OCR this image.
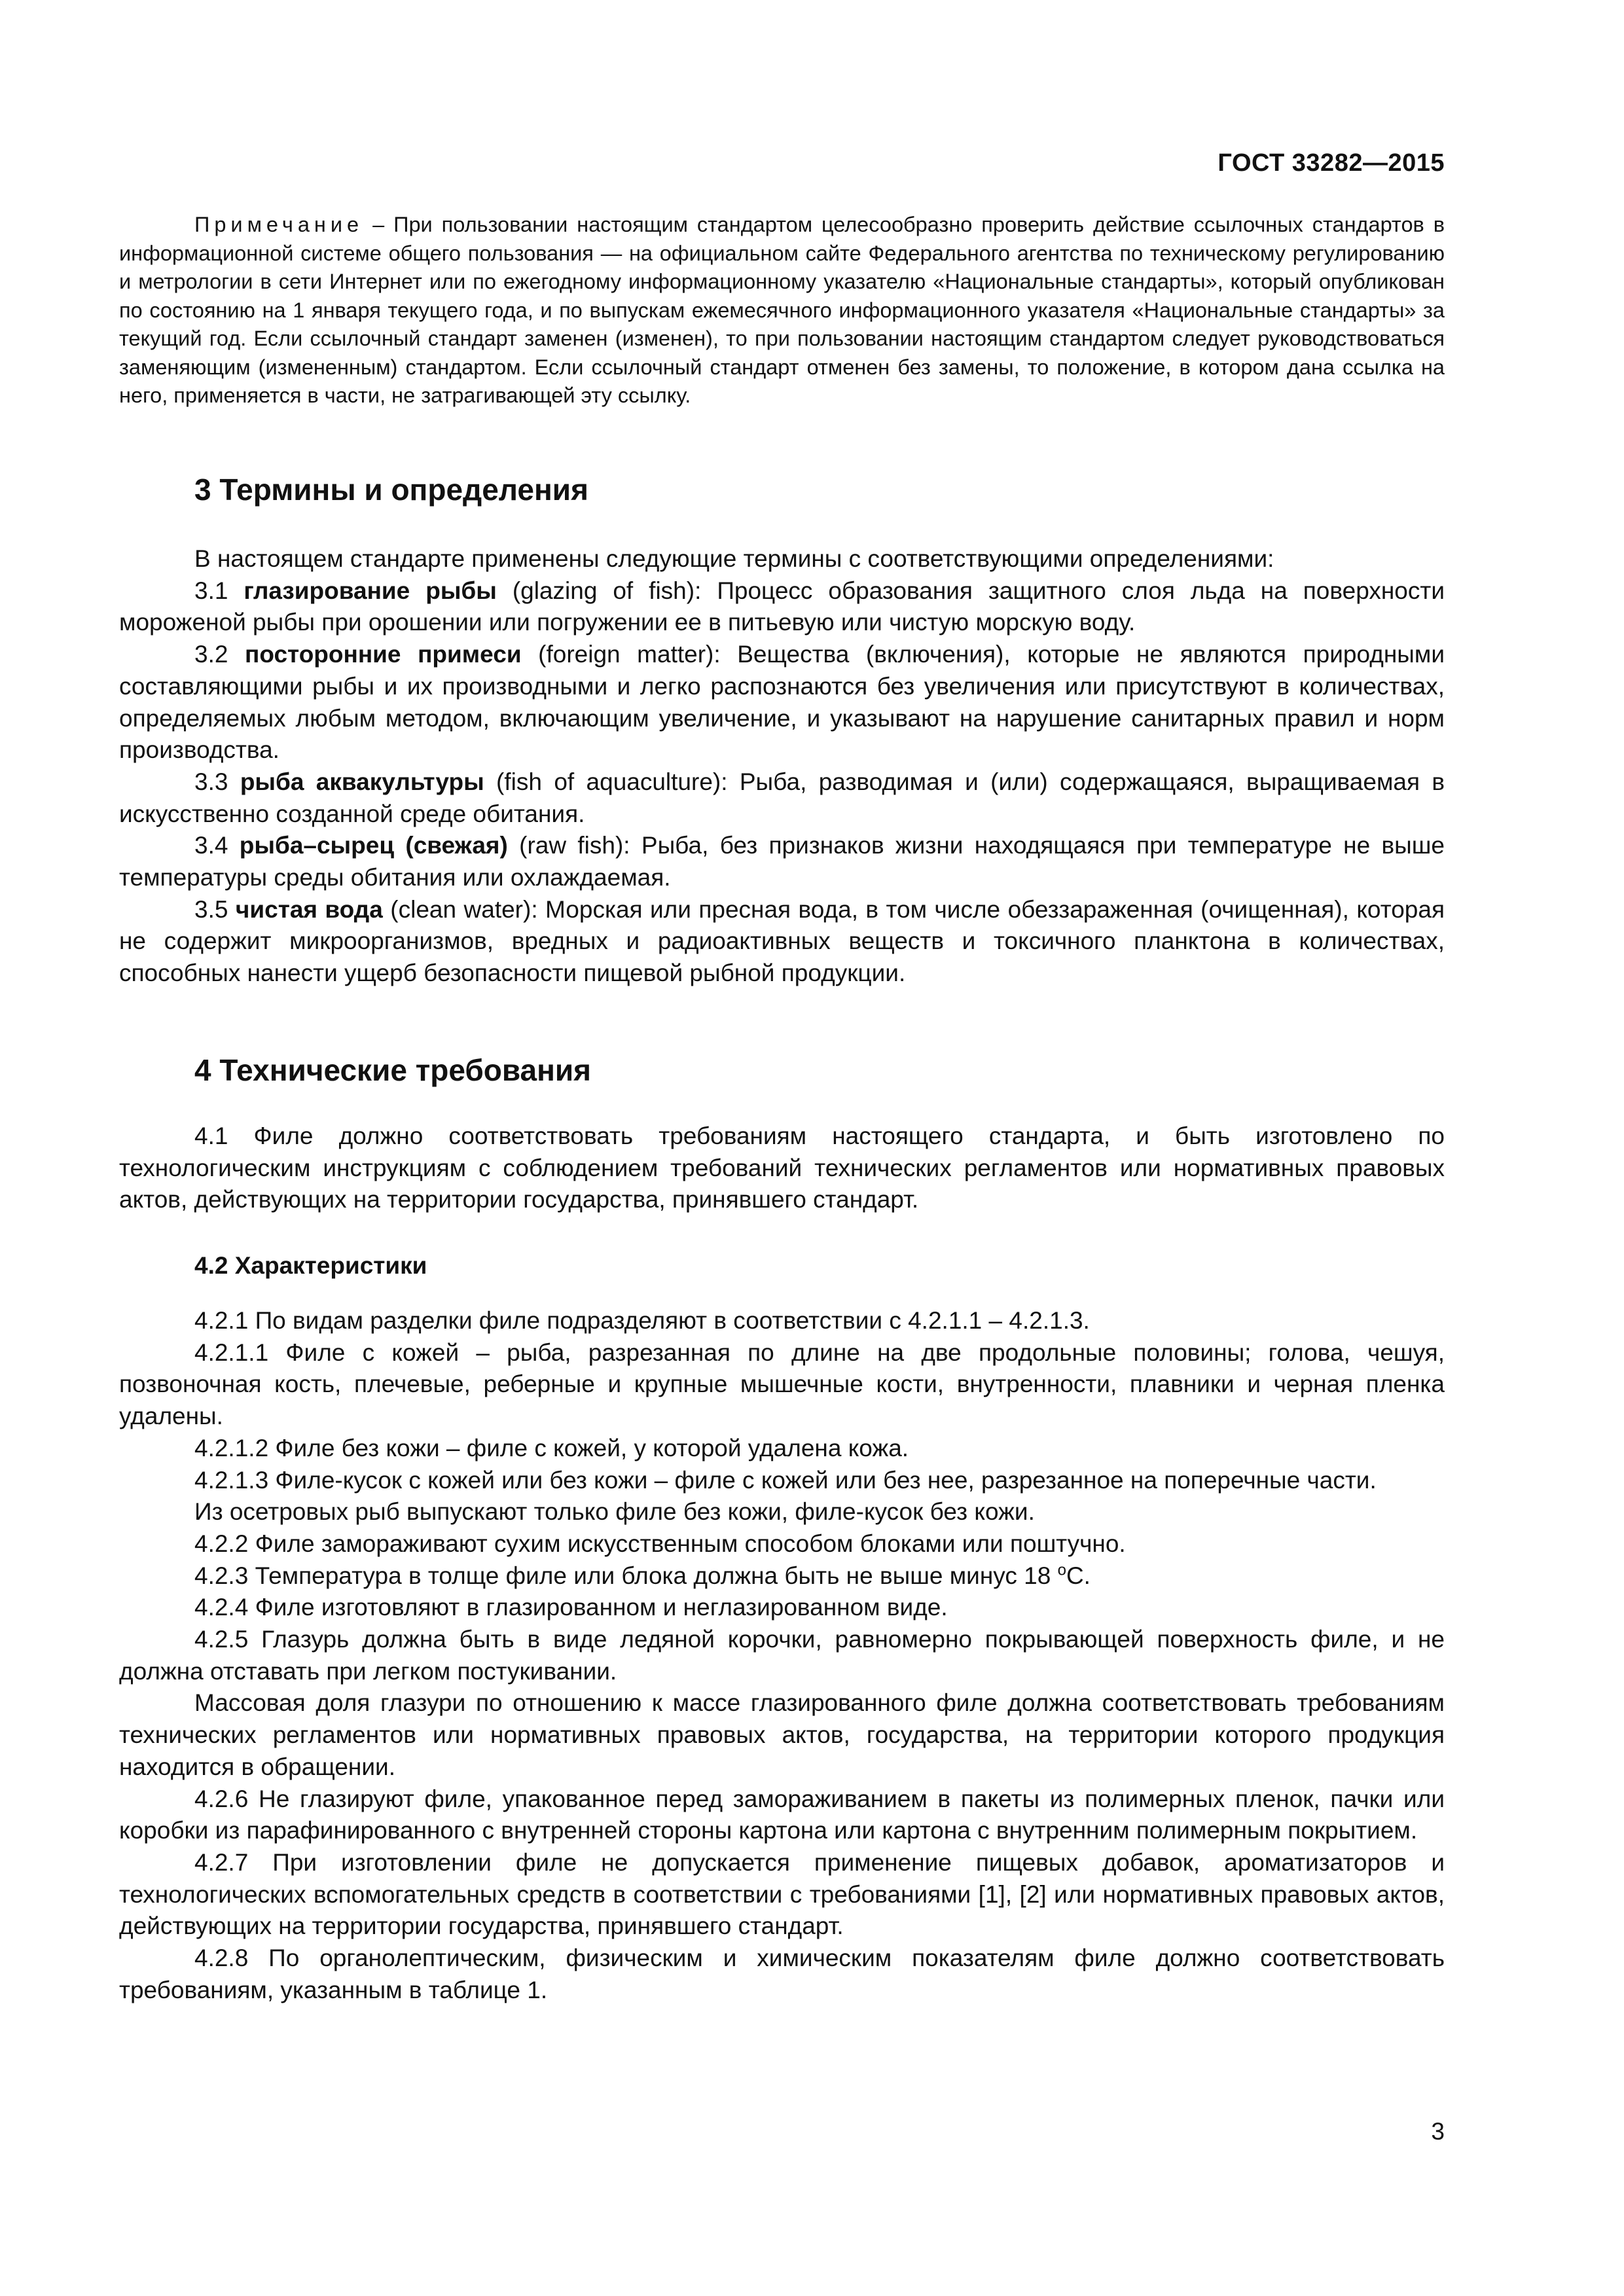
ГОСТ 33282—2015

Примечание – При пользовании настоящим стандартом целесообразно проверить действие ссылочных стандартов в информационной системе общего пользования — на официальном сайте Федерального агентства по техническому регулированию и метрологии в сети Интернет или по ежегодному информационному указателю «Национальные стандарты», который опубликован по состоянию на 1 января текущего года, и по выпускам ежемесячного информационного указателя «Национальные стандарты» за текущий год. Если ссылочный стандарт заменен (изменен), то при пользовании настоящим стандартом следует руководствоваться заменяющим (измененным) стандартом. Если ссылочный стандарт отменен без замены, то положение, в котором дана ссылка на него, применяется в части, не затрагивающей эту ссылку.

3 Термины и определения

В настоящем стандарте применены следующие термины с соответствующими определениями:

3.1 глазирование рыбы (glazing of fish): Процесс образования защитного слоя льда на поверхности мороженой рыбы при орошении или погружении ее в питьевую или чистую морскую воду.

3.2 посторонние примеси (foreign matter): Вещества (включения), которые не являются природными составляющими рыбы и их производными и легко распознаются без увеличения или присутствуют в количествах, определяемых любым методом, включающим увеличение, и указывают на нарушение санитарных правил и норм производства.

3.3 рыба аквакультуры (fish of aquaculture): Рыба, разводимая и (или) содержащаяся, выращиваемая в искусственно созданной среде обитания.

3.4 рыба–сырец (свежая) (raw fish): Рыба, без признаков жизни находящаяся при температуре не выше температуры среды обитания или охлаждаемая.

3.5 чистая вода (clean water): Морская или пресная вода, в том числе обеззараженная (очищенная), которая не содержит микроорганизмов, вредных и радиоактивных веществ и токсичного планктона в количествах, способных нанести ущерб безопасности пищевой рыбной продукции.

4 Технические требования

4.1 Филе должно соответствовать требованиям настоящего стандарта, и быть изготовлено по технологическим инструкциям с соблюдением требований технических регламентов или нормативных правовых актов, действующих на территории государства, принявшего стандарт.

4.2 Характеристики

4.2.1 По видам разделки филе подразделяют в соответствии с 4.2.1.1 – 4.2.1.3.

4.2.1.1 Филе с кожей – рыба, разрезанная по длине на две продольные половины; голова, чешуя, позвоночная кость, плечевые, реберные и крупные мышечные кости, внутренности, плавники и черная пленка удалены.

4.2.1.2 Филе без кожи – филе с кожей, у которой удалена кожа.

4.2.1.3 Филе-кусок с кожей или без кожи – филе с кожей или без нее, разрезанное на поперечные части.

Из осетровых рыб выпускают только филе без кожи, филе-кусок без кожи.

4.2.2 Филе замораживают сухим искусственным способом блоками или поштучно.

4.2.3 Температура в толще филе или блока должна быть не выше минус 18 $^о$С.

4.2.4 Филе изготовляют в глазированном и неглазированном виде.

4.2.5 Глазурь должна быть в виде ледяной корочки, равномерно покрывающей поверхность филе, и не должна отставать при легком постукивании.

Массовая доля глазури по отношению к массе глазированного филе должна соответствовать требованиям технических регламентов или нормативных правовых актов, государства, на территории которого продукция находится в обращении.

4.2.6 Не глазируют филе, упакованное перед замораживанием в пакеты из полимерных пленок, пачки или коробки из парафинированного с внутренней стороны картона или картона с внутренним полимерным покрытием.

4.2.7 При изготовлении филе не допускается применение пищевых добавок, ароматизаторов и технологических вспомогательных средств в соответствии с требованиями [1], [2] или нормативных правовых актов, действующих на территории государства, принявшего стандарт.

4.2.8 По органолептическим, физическим и химическим показателям филе должно соответствовать требованиям, указанным в таблице 1.

3
